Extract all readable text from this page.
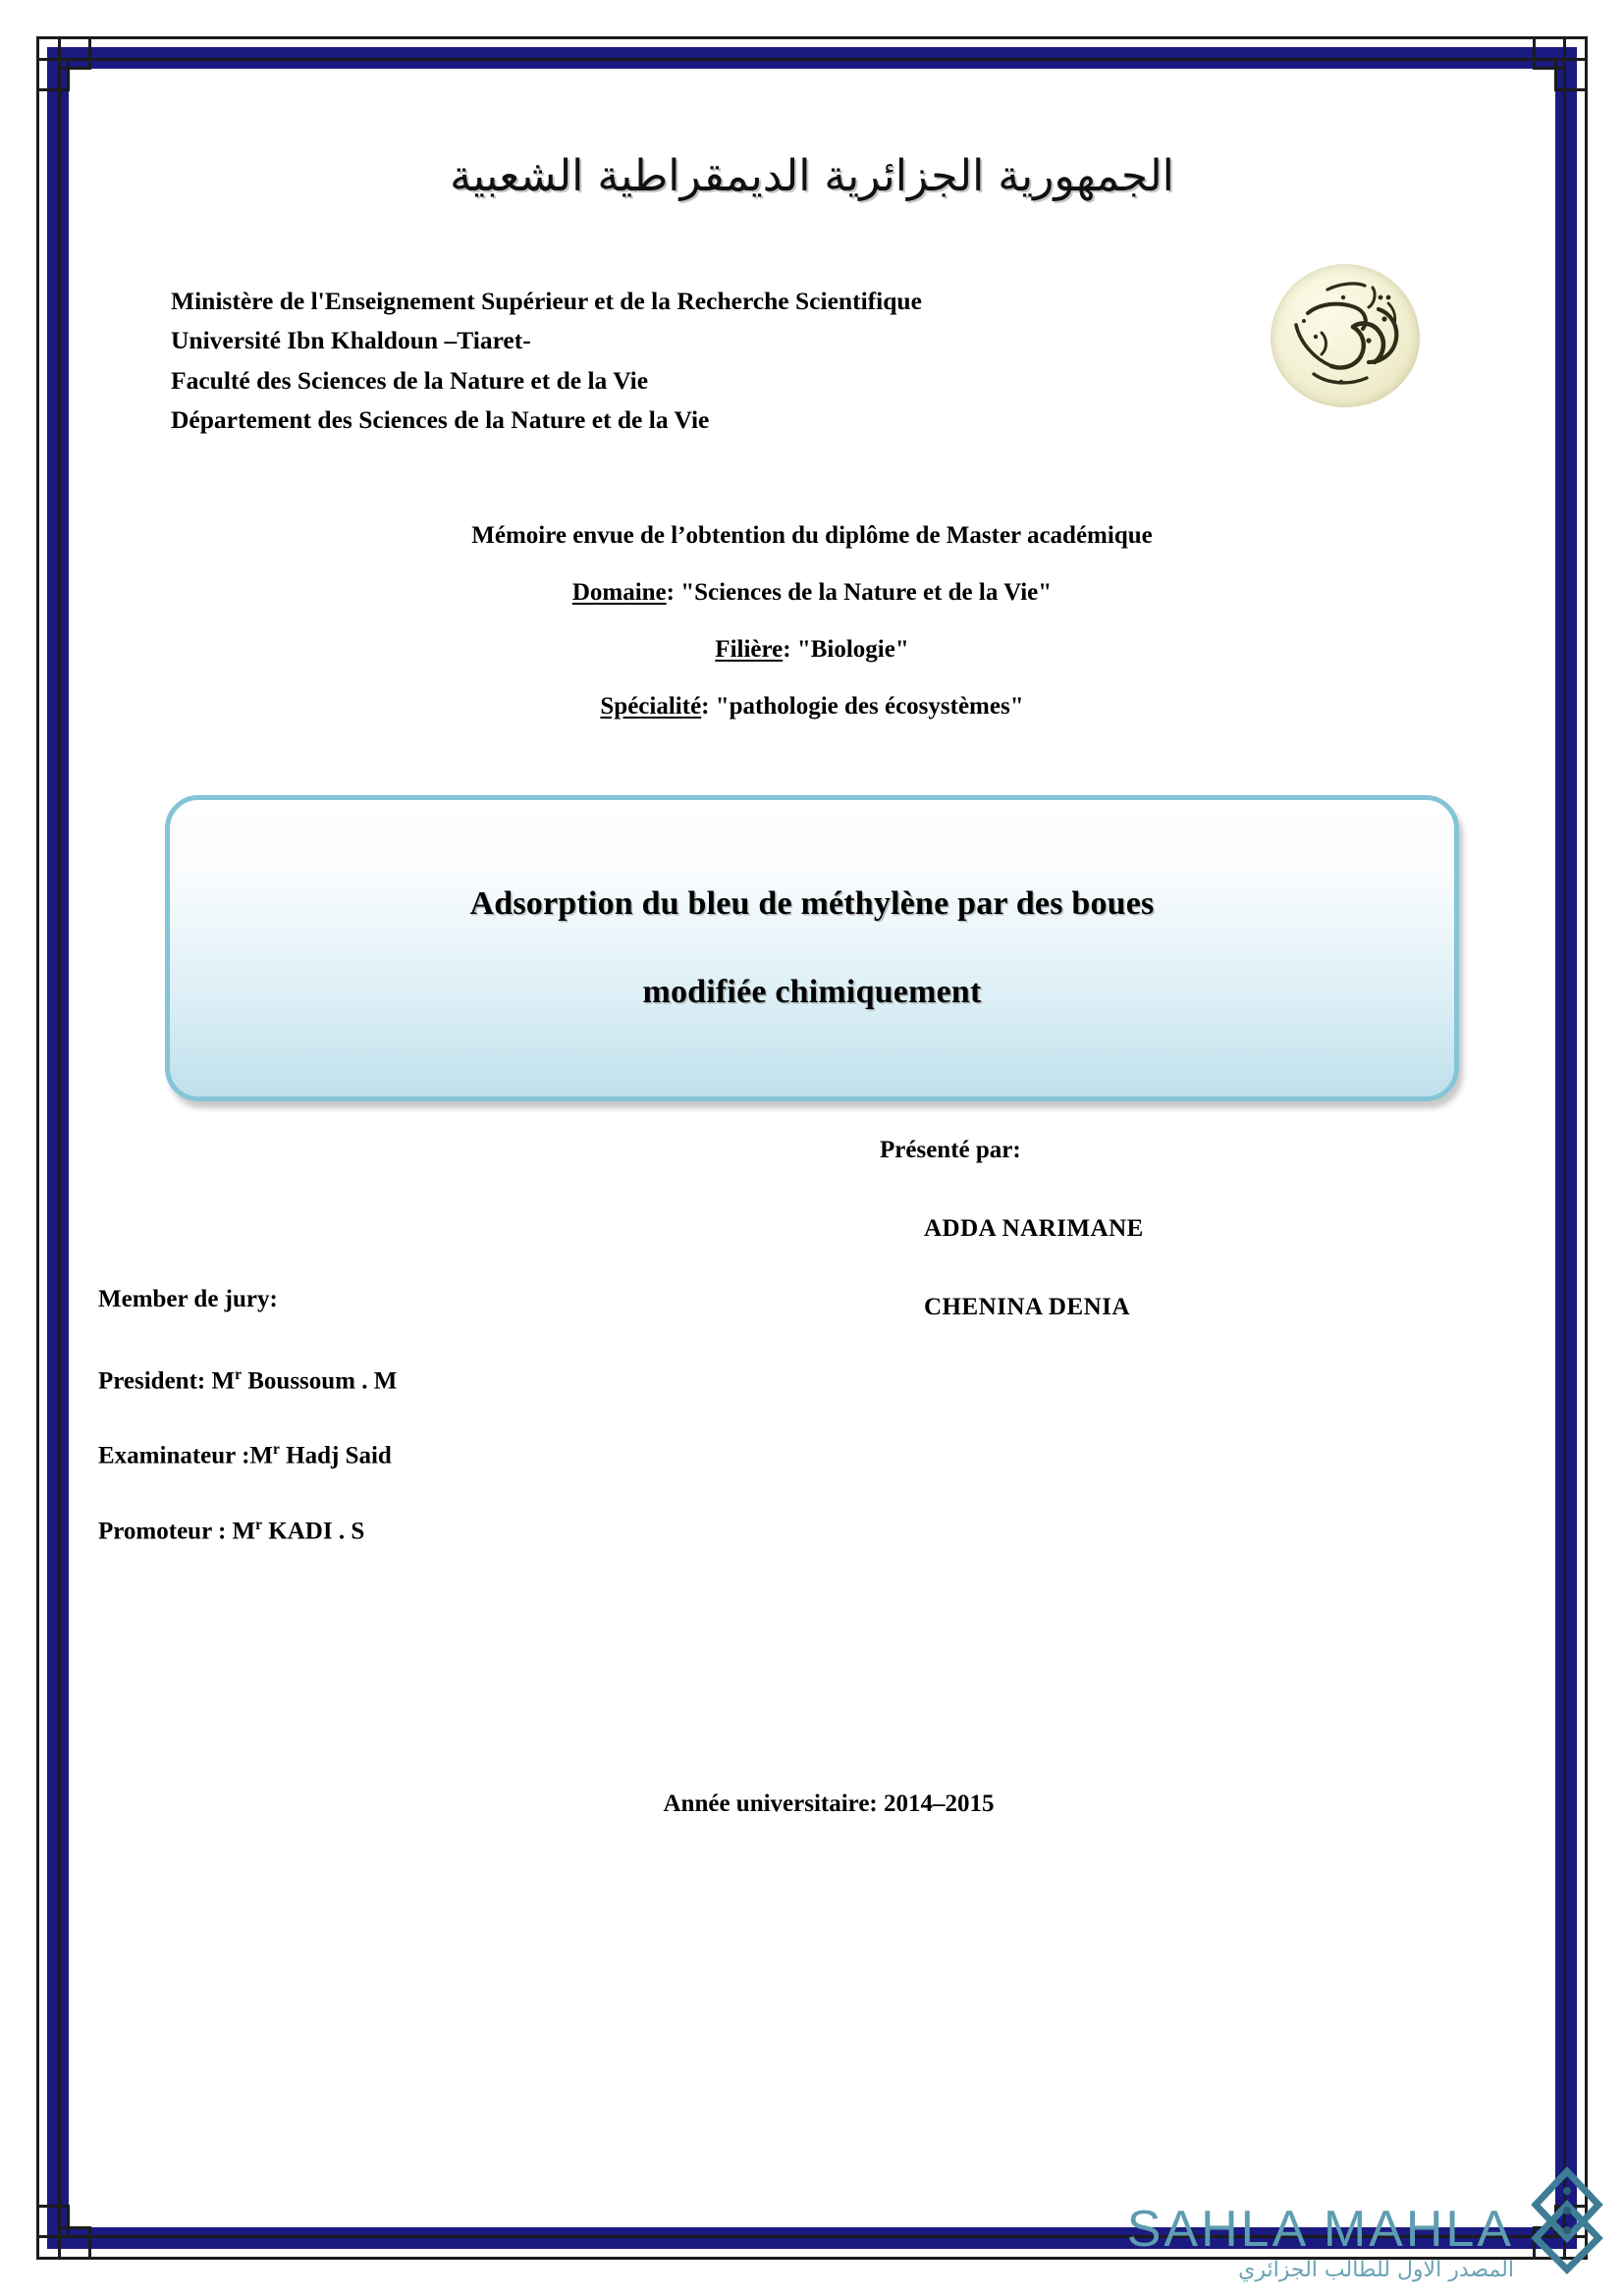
الجمهورية الجزائرية الديمقراطية الشعبية
Ministère de l'Enseignement Supérieur et de la Recherche Scientifique
Université Ibn Khaldoun –Tiaret-
Faculté des Sciences de la Nature et de la Vie
Département des Sciences de la Nature et de la Vie
Mémoire envue de l’obtention du diplôme de Master académique
Domaine: "Sciences de la Nature et de la Vie"
Filière: "Biologie"
Spécialité: "pathologie des écosystèmes"
Adsorption du bleu de méthylène par des boues
modifiée chimiquement
Présenté par:
ADDA NARIMANE
CHENINA DENIA
Member de jury:
President: $M^r$ Boussoum . M
Examinateur $:M^r$ Hadj Said
Promoteur : $M^r$ KADI . S
Année universitaire: 2014–2015
SAHLA MAHLA
المصدر الاول للطالب الجزائري
